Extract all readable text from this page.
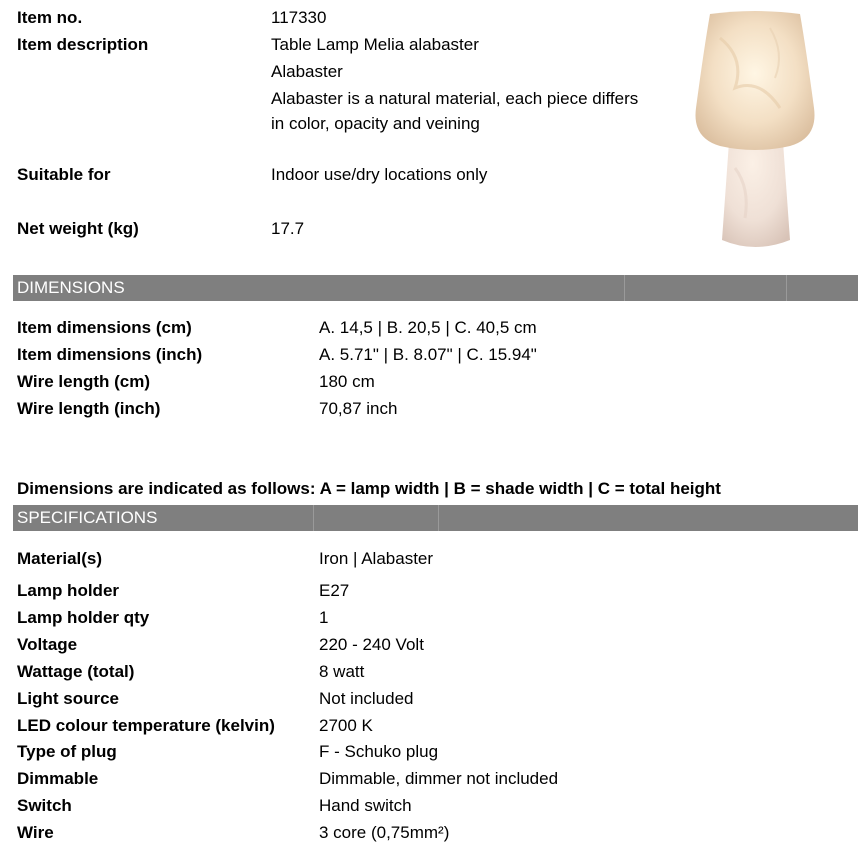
Item no.	117330
Item description	Table Lamp Melia alabaster
Alabaster
Alabaster is a natural material, each piece differs
in color, opacity and veining
Suitable for	Indoor use/dry locations only
Net weight (kg)	17.7
DIMENSIONS
Item dimensions (cm)	A. 14,5 | B. 20,5 | C. 40,5 cm
Item dimensions (inch)	A. 5.71" | B. 8.07" | C. 15.94"
Wire length (cm)	180 cm
Wire length (inch)	70,87 inch
Dimensions are indicated as follows: A = lamp width | B = shade width | C = total height
SPECIFICATIONS
Material(s)	Iron | Alabaster
Lamp holder	E27
Lamp holder qty	1
Voltage	220 - 240 Volt
Wattage (total)	8 watt
Light source	Not included
LED colour temperature (kelvin)	2700 K
Type of plug	F - Schuko plug
Dimmable	Dimmable, dimmer not included
Switch	Hand switch
Wire	3 core (0,75mm²)
